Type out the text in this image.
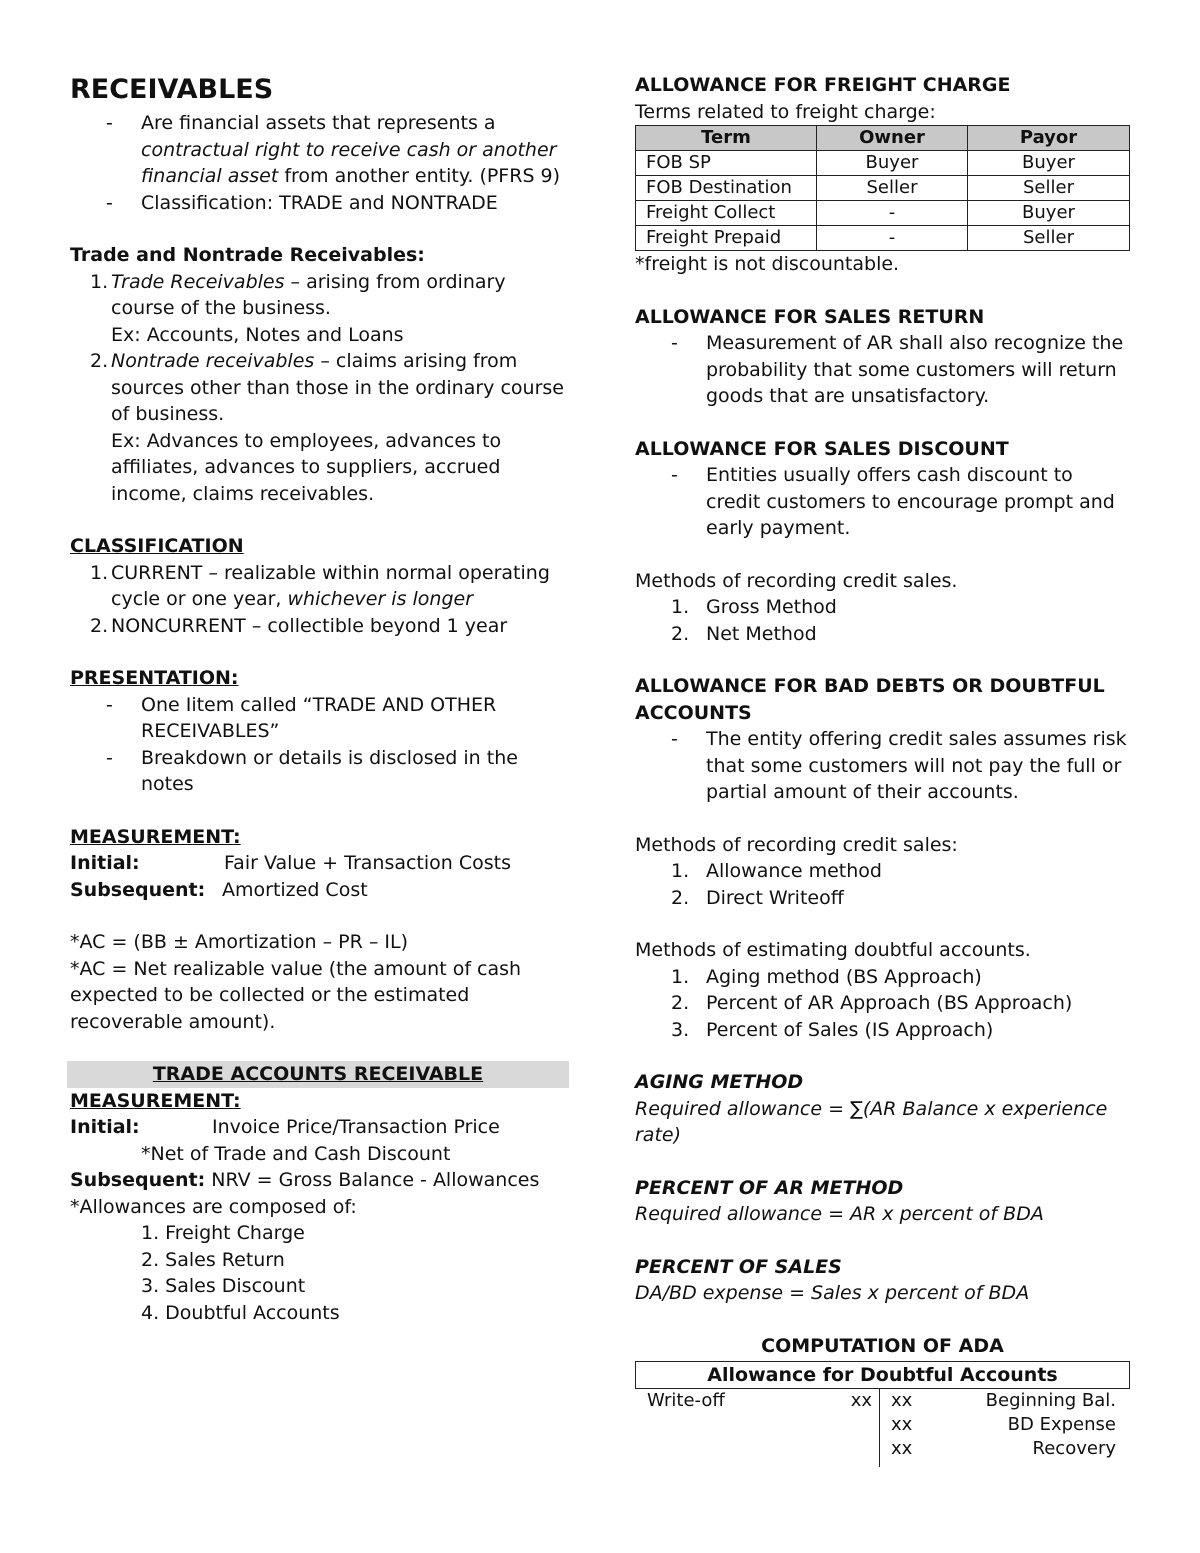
RECEIVABLES
- Are financial assets that represents a contractual right to receive cash or another financial asset from another entity. (PFRS 9)
- Classification: TRADE and NONTRADE
Trade and Nontrade Receivables:
1. Trade Receivables – arising from ordinary course of the business.
Ex: Accounts, Notes and Loans
2. Nontrade receivables – claims arising from sources other than those in the ordinary course of business.
Ex: Advances to employees, advances to affiliates, advances to suppliers, accrued income, claims receivables.
CLASSIFICATION
1. CURRENT – realizable within normal operating cycle or one year, whichever is longer
2. NONCURRENT – collectible beyond 1 year
PRESENTATION:
- One Iitem called “TRADE AND OTHER RECEIVABLES”
- Breakdown or details is disclosed in the notes
MEASUREMENT:
Initial:	Fair Value + Transaction Costs
Subsequent: Amortized Cost
*AC = (BB ± Amortization – PR – IL)
*AC = Net realizable value (the amount of cash expected to be collected or the estimated recoverable amount).
TRADE ACCOUNTS RECEIVABLE
MEASUREMENT:
Initial:	Invoice Price/Transaction Price
*Net of Trade and Cash Discount
Subsequent: NRV = Gross Balance - Allowances
*Allowances are composed of:
1. Freight Charge
2. Sales Return
3. Sales Discount
4. Doubtful Accounts
ALLOWANCE FOR FREIGHT CHARGE
Terms related to freight charge:
Term	Owner	Payor
FOB SP	Buyer	Buyer
FOB Destination	Seller	Seller
Freight Collect	-	Buyer
Freight Prepaid	-	Seller
*freight is not discountable.
ALLOWANCE FOR SALES RETURN
- Measurement of AR shall also recognize the probability that some customers will return goods that are unsatisfactory.
ALLOWANCE FOR SALES DISCOUNT
- Entities usually offers cash discount to credit customers to encourage prompt and early payment.
Methods of recording credit sales.
1. Gross Method
2. Net Method
ALLOWANCE FOR BAD DEBTS OR DOUBTFUL ACCOUNTS
- The entity offering credit sales assumes risk that some customers will not pay the full or partial amount of their accounts.
Methods of recording credit sales:
1. Allowance method
2. Direct Writeoff
Methods of estimating doubtful accounts.
1. Aging method (BS Approach)
2. Percent of AR Approach (BS Approach)
3. Percent of Sales (IS Approach)
AGING METHOD
Required allowance = ∑(AR Balance x experience rate)
PERCENT OF AR METHOD
Required allowance = AR x percent of BDA
PERCENT OF SALES
DA/BD expense = Sales x percent of BDA
COMPUTATION OF ADA
Allowance for Doubtful Accounts
Write-off	xx xx	Beginning Bal.
xx	BD Expense
xx	Recovery
